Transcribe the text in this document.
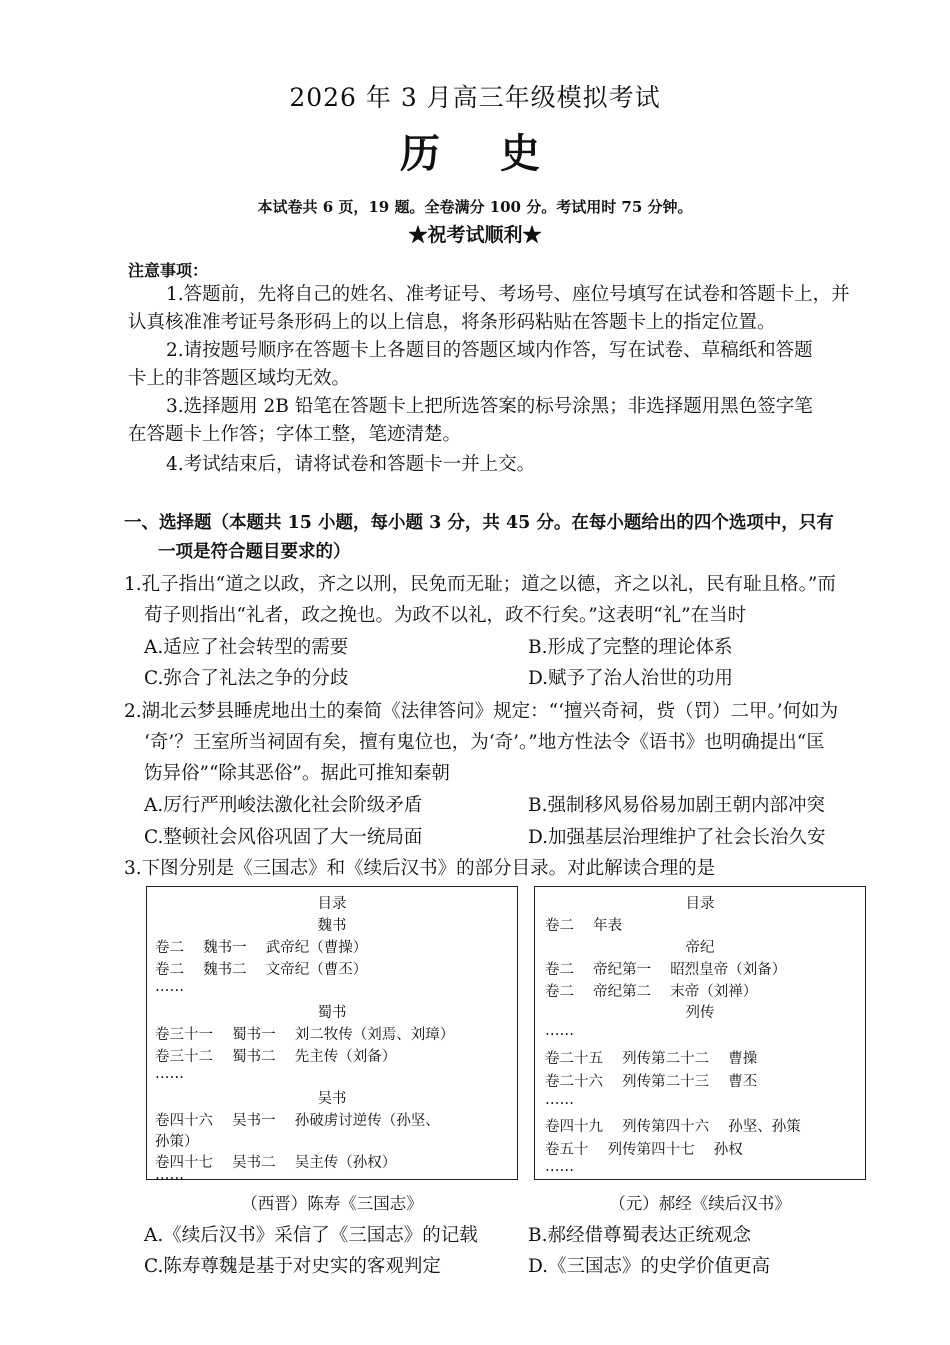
2026 年 3 月高三年级模拟考试
历　史
本试卷共 6 页，19 题。全卷满分 100 分。考试用时 75 分钟。
★祝考试顺利★
注意事项：
1.答题前，先将自己的姓名、准考证号、考场号、座位号填写在试卷和答题卡上，并
认真核准准考证号条形码上的以上信息，将条形码粘贴在答题卡上的指定位置。
2.请按题号顺序在答题卡上各题目的答题区域内作答，写在试卷、草稿纸和答题
卡上的非答题区域均无效。
3.选择题用 2B 铅笔在答题卡上把所选答案的标号涂黑；非选择题用黑色签字笔
在答题卡上作答；字体工整，笔迹清楚。
4.考试结束后，请将试卷和答题卡一并上交。
一、选择题（本题共 15 小题，每小题 3 分，共 45 分。在每小题给出的四个选项中，只有
一项是符合题目要求的）
1.孔子指出“道之以政，齐之以刑，民免而无耻；道之以德，齐之以礼，民有耻且格。”而
荀子则指出“礼者，政之挽也。为政不以礼，政不行矣。”这表明“礼”在当时
A.适应了社会转型的需要	B.形成了完整的理论体系
C.弥合了礼法之争的分歧	D.赋予了治人治世的功用
2.湖北云梦县睡虎地出土的秦简《法律答问》规定：“‘擅兴奇祠，赀（罚）二甲。’何如为
‘奇’？王室所当祠固有矣，擅有鬼位也，为‘奇’。”地方性法令《语书》也明确提出“匡
饬异俗”“除其恶俗”。据此可推知秦朝
A.厉行严刑峻法激化社会阶级矛盾	B.强制移风易俗易加剧王朝内部冲突
C.整顿社会风俗巩固了大一统局面	D.加强基层治理维护了社会长治久安
3.下图分别是《三国志》和《续后汉书》的部分目录。对此解读合理的是
目录
魏书
卷二　 魏书一　 武帝纪（曹操）
卷二　 魏书二　 文帝纪（曹丕）
……
蜀书
卷三十一　 蜀书一　 刘二牧传（刘焉、刘璋）
卷三十二　 蜀书二　 先主传（刘备）
……
吴书
卷四十六　 吴书一　 孙破虏讨逆传（孙坚、
孙策）
卷四十七　 吴书二　 吴主传（孙权）
……
目录
卷二　 年表
帝纪
卷二　 帝纪第一　 昭烈皇帝（刘备）
卷二　 帝纪第二　 末帝（刘禅）
列传
……
卷二十五　 列传第二十二　 曹操
卷二十六　 列传第二十三　 曹丕
……
卷四十九　 列传第四十六　 孙坚、孙策
卷五十　 列传第四十七　 孙权
……
（西晋）陈寿《三国志》	（元）郝经《续后汉书》
A.《续后汉书》采信了《三国志》的记载	B.郝经借尊蜀表达正统观念
C.陈寿尊魏是基于对史实的客观判定	D.《三国志》的史学价值更高
